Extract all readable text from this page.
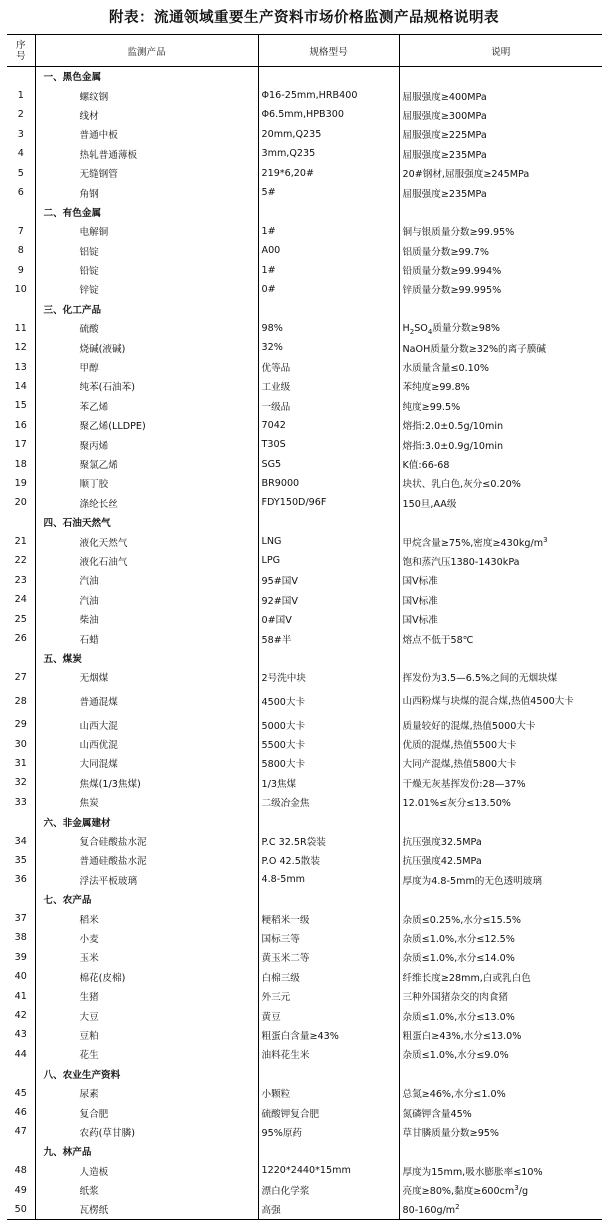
附表：流通领域重要生产资料市场价格监测产品规格说明表
序
号	监测产品	规格型号	说明
	一、黑色金属		
1	螺纹钢	Φ16-25mm,HRB400	屈服强度≥400MPa
2	线材	Φ6.5mm,HPB300	屈服强度≥300MPa
3	普通中板	20mm,Q235	屈服强度≥225MPa
4	热轧普通薄板	3mm,Q235	屈服强度≥235MPa
5	无缝钢管	219*6,20#	20#钢材,屈服强度≥245MPa
6	角钢	5#	屈服强度≥235MPa
	二、有色金属		
7	电解铜	1#	铜与银质量分数≥99.95%
8	铝锭	A00	铝质量分数≥99.7%
9	铅锭	1#	铅质量分数≥99.994%
10	锌锭	0#	锌质量分数≥99.995%
	三、化工产品		
11	硫酸	98%	$H_2SO_4$质量分数≥98%
12	烧碱(液碱)	32%	NaOH质量分数≥32%的离子膜碱
13	甲醇	优等品	水质量含量≤0.10%
14	纯苯(石油苯)	工业级	苯纯度≥99.8%
15	苯乙烯	一级品	纯度≥99.5%
16	聚乙烯(LLDPE)	7042	熔指:2.0±0.5g/10min
17	聚丙烯	T30S	熔指:3.0±0.9g/10min
18	聚氯乙烯	SG5	K值:66-68
19	顺丁胶	BR9000	块状、乳白色,灰分≤0.20%
20	涤纶长丝	FDY150D/96F	150旦,AA级
	四、石油天然气		
21	液化天然气	LNG	甲烷含量≥75%,密度$\ge 430kg/m^3$
22	液化石油气	LPG	饱和蒸汽压1380-1430kPa
23	汽油	95#国Ⅴ	国Ⅴ标准
24	汽油	92#国Ⅴ	国Ⅴ标准
25	柴油	0#国Ⅴ	国Ⅴ标准
26	石蜡	58#半	熔点不低于58℃
	五、煤炭		
27	无烟煤	2号洗中块	挥发份为3.5—6.5%之间的无烟块煤
28	普通混煤	4500大卡	山西粉煤与块煤的混合煤,热值4500大卡
29	山西大混	5000大卡	质量较好的混煤,热值5000大卡
30	山西优混	5500大卡	优质的混煤,热值5500大卡
31	大同混煤	5800大卡	大同产混煤,热值5800大卡
32	焦煤(1/3焦煤)	1/3焦煤	干燥无灰基挥发份:28—37%
33	焦炭	二级冶金焦	12.01%≤灰分≤13.50%
	六、非金属建材		
34	复合硅酸盐水泥	P.C 32.5R袋装	抗压强度32.5MPa
35	普通硅酸盐水泥	P.O 42.5散装	抗压强度42.5MPa
36	浮法平板玻璃	4.8-5mm	厚度为4.8-5mm的无色透明玻璃
	七、农产品		
37	稻米	粳稻米一级	杂质≤0.25%,水分≤15.5%
38	小麦	国标三等	杂质≤1.0%,水分≤12.5%
39	玉米	黄玉米二等	杂质≤1.0%,水分≤14.0%
40	棉花(皮棉)	白棉三级	纤维长度≥28mm,白或乳白色
41	生猪	外三元	三种外国猪杂交的肉食猪
42	大豆	黄豆	杂质≤1.0%,水分≤13.0%
43	豆粕	粗蛋白含量≥43%	粗蛋白≥43%,水分≤13.0%
44	花生	油料花生米	杂质≤1.0%,水分≤9.0%
	八、农业生产资料		
45	尿素	小颗粒	总氮≥46%,水分≤1.0%
46	复合肥	硫酸钾复合肥	氮磷钾含量45%
47	农药(草甘膦)	95%原药	草甘膦质量分数≥95%
	九、林产品		
48	人造板	1220*2440*15mm	厚度为15mm,吸水膨胀率≤10%
49	纸浆	漂白化学浆	亮度≥80%,黏度$\ge 600cm^3/g$
50	瓦楞纸	高强	$80-160g/m^2$
